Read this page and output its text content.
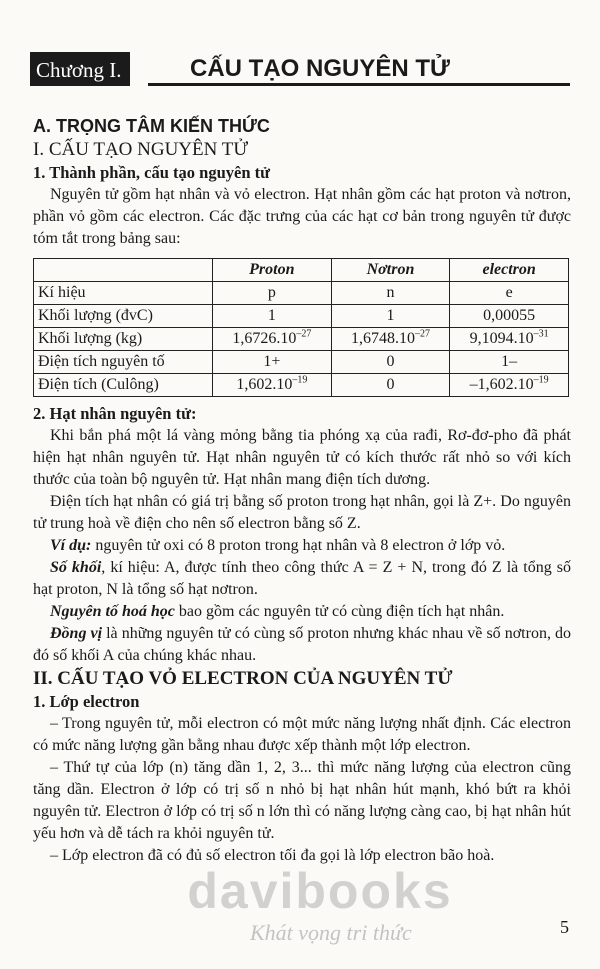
Chương I.	CẤU TẠO NGUYÊN TỬ
A. TRỌNG TÂM KIẾN THỨC
I. CẤU TẠO NGUYÊN TỬ
1. Thành phần, cấu tạo nguyên tử

Nguyên tử gồm hạt nhân và vỏ electron. Hạt nhân gồm các hạt proton và nơtron, phần vỏ gồm các electron. Các đặc trưng của các hạt cơ bản trong nguyên tử được tóm tắt trong bảng sau:

	Proton	Nơtron	electron
Kí hiệu	p	n	e
Khối lượng (đvC)	1	1	0,00055
Khối lượng (kg)	$1,6726.10^{-27}$	$1,6748.10^{-27}$	$9,1094.10^{-31}$
Điện tích nguyên tố	1+	0	1–
Điện tích (Culông)	$1,602.10^{-19}$	0	$-1,602.10^{-19}$
2. Hạt nhân nguyên tử:

Khi bắn phá một lá vàng mỏng bằng tia phóng xạ của rađi, Rơ-đơ-pho đã phát hiện hạt nhân nguyên tử. Hạt nhân nguyên tử có kích thước rất nhỏ so với kích thước của toàn bộ nguyên tử. Hạt nhân mang điện tích dương.

Điện tích hạt nhân có giá trị bằng số proton trong hạt nhân, gọi là Z+. Do nguyên tử trung hoà về điện cho nên số electron bằng số Z.

Ví dụ: nguyên tử oxi có 8 proton trong hạt nhân và 8 electron ở lớp vỏ.

Số khối, kí hiệu: A, được tính theo công thức A = Z + N, trong đó Z là tổng số hạt proton, N là tổng số hạt nơtron.

Nguyên tố hoá học bao gồm các nguyên tử có cùng điện tích hạt nhân.

Đồng vị là những nguyên tử có cùng số proton nhưng khác nhau về số nơtron, do đó số khối A của chúng khác nhau.

II. CẤU TẠO VỎ ELECTRON CỦA NGUYÊN TỬ
1. Lớp electron

– Trong nguyên tử, mỗi electron có một mức năng lượng nhất định. Các electron có mức năng lượng gần bằng nhau được xếp thành một lớp electron.

– Thứ tự của lớp (n) tăng dần 1, 2, 3... thì mức năng lượng của electron cũng tăng dần. Electron ở lớp có trị số n nhỏ bị hạt nhân hút mạnh, khó bứt ra khỏi nguyên tử. Electron ở lớp có trị số n lớn thì có năng lượng càng cao, bị hạt nhân hút yếu hơn và dễ tách ra khỏi nguyên tử.

– Lớp electron đã có đủ số electron tối đa gọi là lớp electron bão hoà.

davibooks
Khát vọng tri thức	5
